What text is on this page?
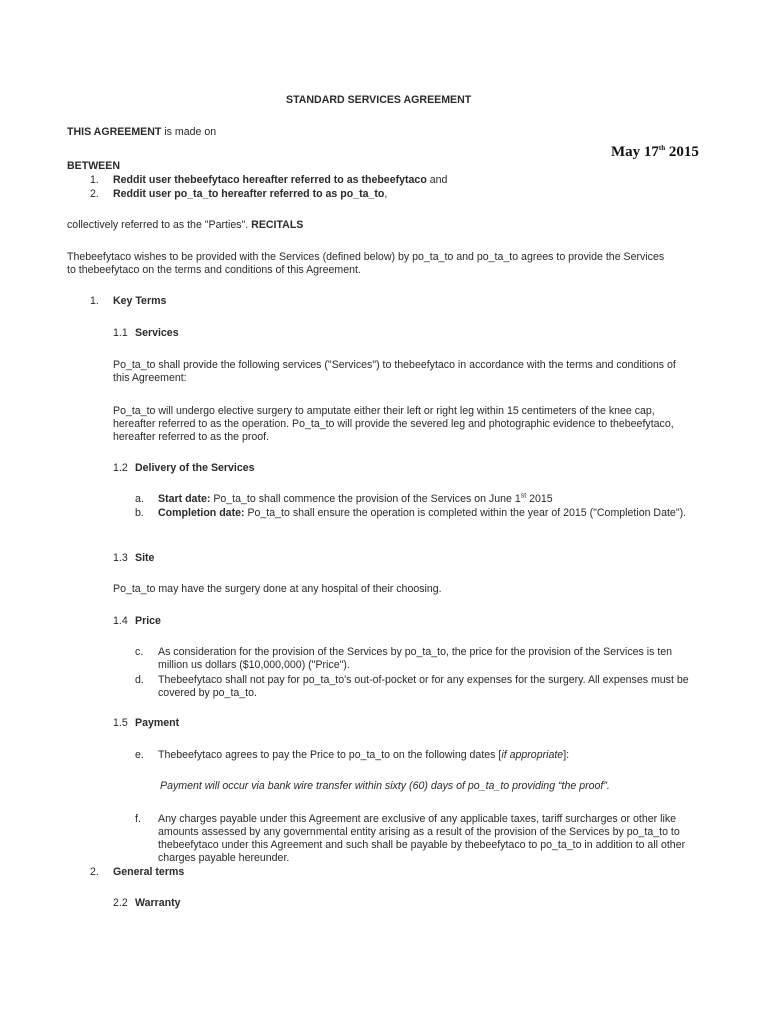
STANDARD SERVICES AGREEMENT
THIS AGREEMENT is made on
May 17th 2015
BETWEEN
1. Reddit user thebeefytaco hereafter referred to as thebeefytaco and
2. Reddit user po_ta_to hereafter referred to as po_ta_to,
collectively referred to as the "Parties". RECITALS
Thebeefytaco wishes to be provided with the Services (defined below) by po_ta_to and po_ta_to agrees to provide the Services to thebeefytaco on the terms and conditions of this Agreement.
1. Key Terms
1.1 Services
Po_ta_to shall provide the following services ("Services") to thebeefytaco in accordance with the terms and conditions of this Agreement:
Po_ta_to will undergo elective surgery to amputate either their left or right leg within 15 centimeters of the knee cap, hereafter referred to as the operation. Po_ta_to will provide the severed leg and photographic evidence to thebeefytaco, hereafter referred to as the proof.
1.2 Delivery of the Services
a. Start date: Po_ta_to shall commence the provision of the Services on June 1st 2015
b. Completion date: Po_ta_to shall ensure the operation is completed within the year of 2015 ("Completion Date").
1.3 Site
Po_ta_to may have the surgery done at any hospital of their choosing.
1.4 Price
c. As consideration for the provision of the Services by po_ta_to, the price for the provision of the Services is ten million us dollars ($10,000,000) ("Price").
d. Thebeefytaco shall not pay for po_ta_to's out-of-pocket or for any expenses for the surgery. All expenses must be covered by po_ta_to.
1.5 Payment
e. Thebeefytaco agrees to pay the Price to po_ta_to on the following dates [if appropriate]:
Payment will occur via bank wire transfer within sixty (60) days of po_ta_to providing “the proof”.
f. Any charges payable under this Agreement are exclusive of any applicable taxes, tariff surcharges or other like amounts assessed by any governmental entity arising as a result of the provision of the Services by po_ta_to to thebeefytaco under this Agreement and such shall be payable by thebeefytaco to po_ta_to in addition to all other charges payable hereunder.
2. General terms
2.2 Warranty
